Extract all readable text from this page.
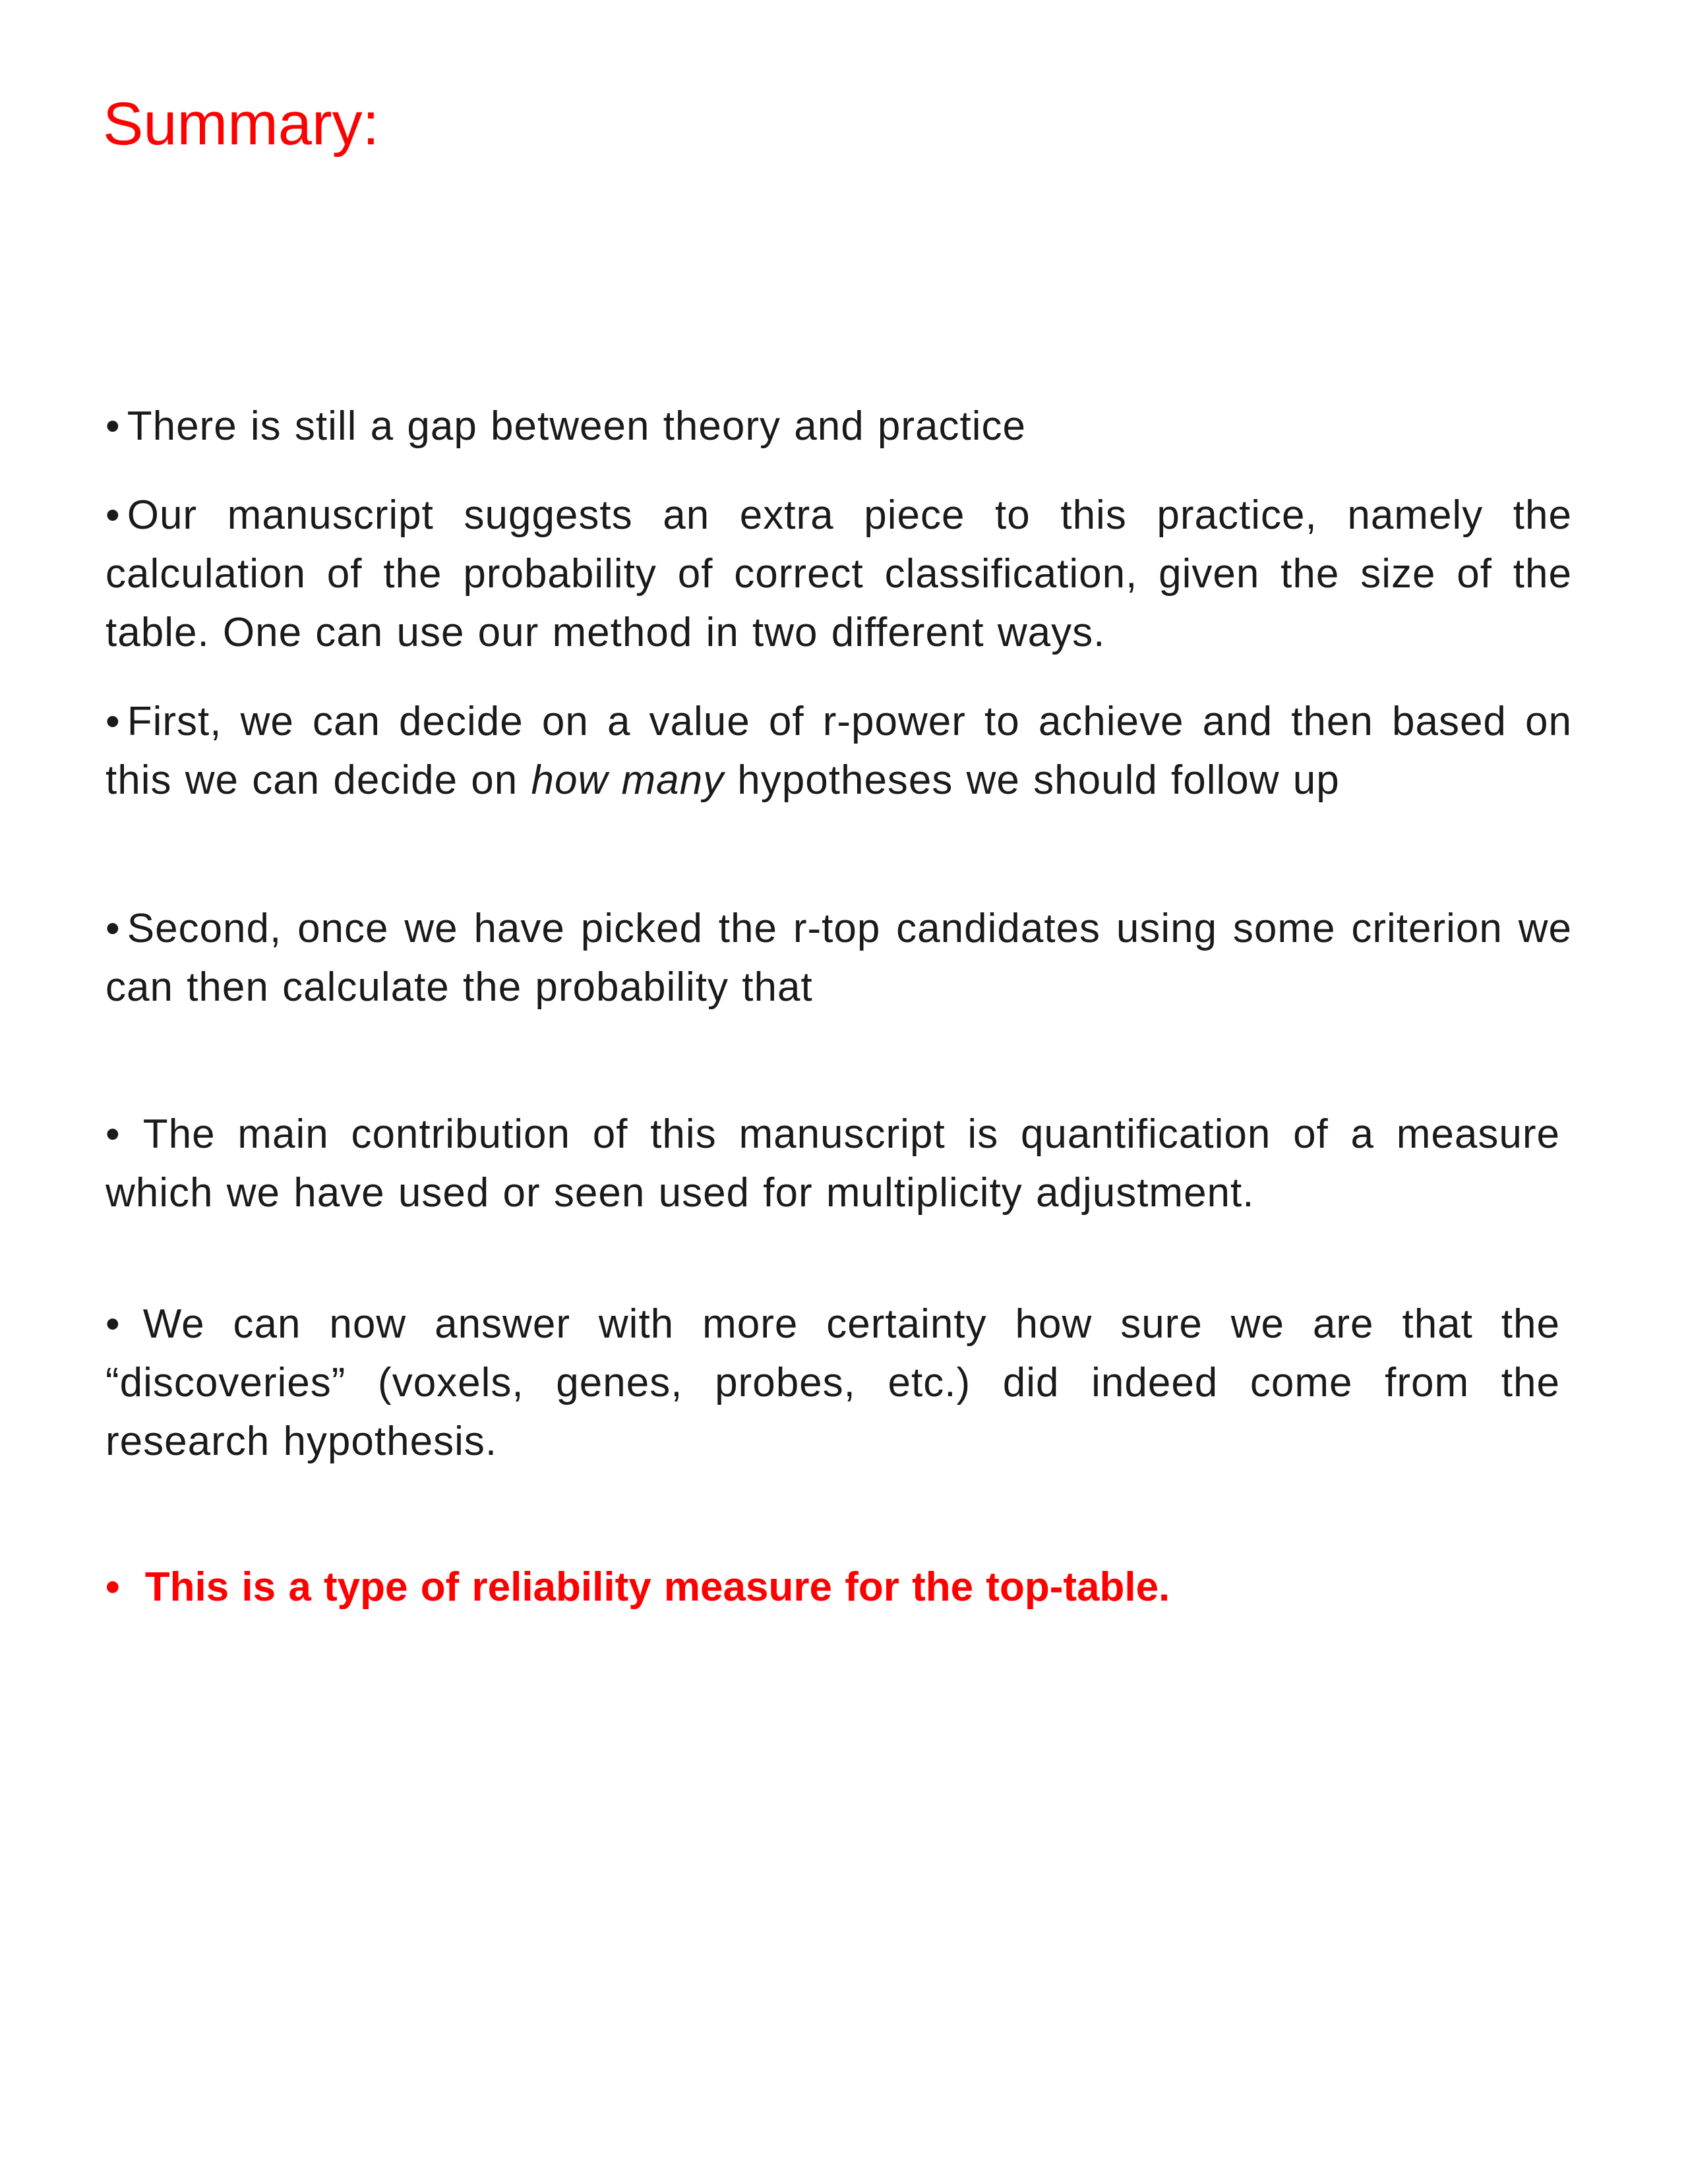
Summary:

• There is still a gap between theory and practice

• Our manuscript suggests an extra piece to this practice, namely the calculation of the probability of correct classification, given the size of the table. One can use our method in two different ways.

• First, we can decide on a value of r-power to achieve and then based on this we can decide on how many hypotheses we should follow up

• Second, once we have picked the r-top candidates using some criterion we can then calculate the probability that

• The main contribution of this manuscript is quantification of a measure which we have used or seen used for multiplicity adjustment.

• We can now answer with more certainty how sure we are that the “discoveries” (voxels, genes, probes, etc.) did indeed come from the research hypothesis.

• This is a type of reliability measure for the top-table.
